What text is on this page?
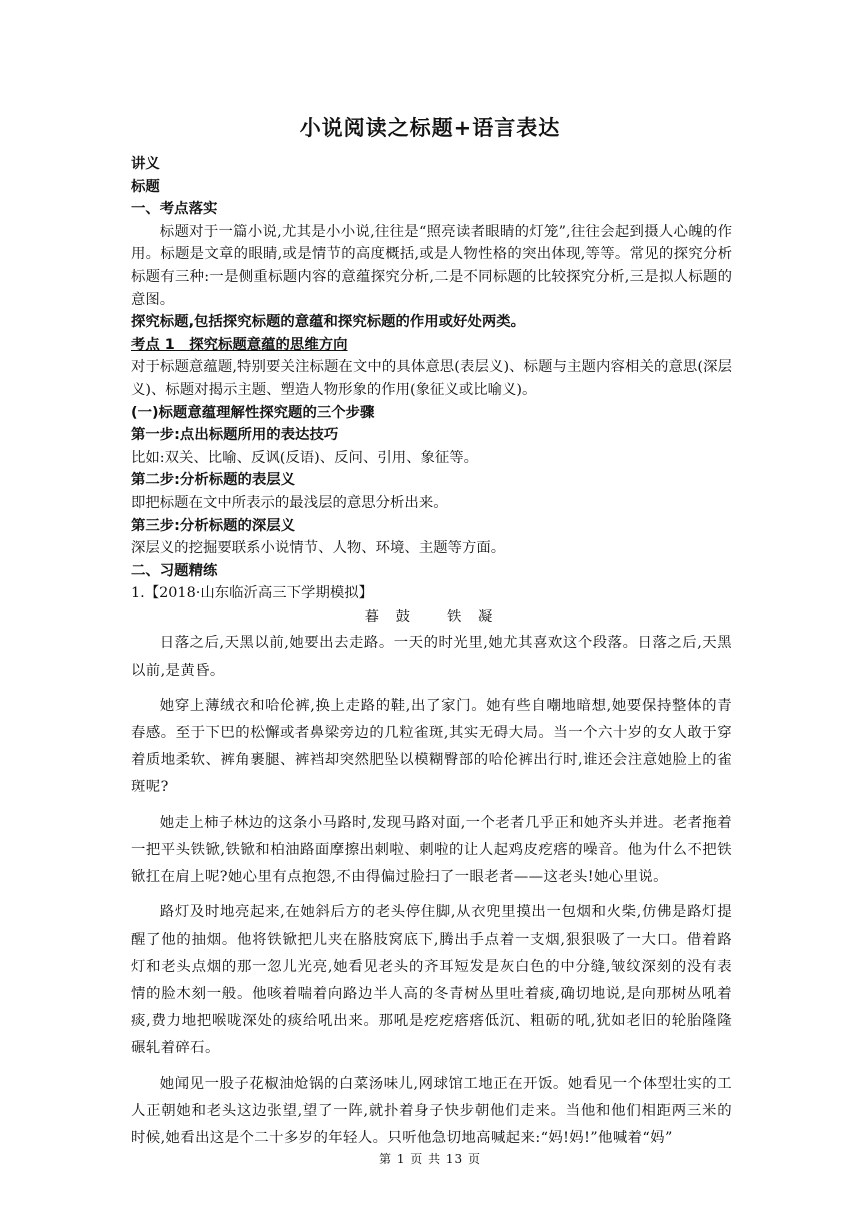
小说阅读之标题+语言表达

讲义

标题

一、考点落实

标题对于一篇小说,尤其是小小说,往往是“照亮读者眼睛的灯笼”,往往会起到摄人心魄的作用。标题是文章的眼睛,或是情节的高度概括,或是人物性格的突出体现,等等。常见的探究分析标题有三种:一是侧重标题内容的意蕴探究分析,二是不同标题的比较探究分析,三是拟人标题的意图。

探究标题,包括探究标题的意蕴和探究标题的作用或好处两类。

考点 1　探究标题意蕴的思维方向

对于标题意蕴题,特别要关注标题在文中的具体意思(表层义)、标题与主题内容相关的意思(深层义)、标题对揭示主题、塑造人物形象的作用(象征义或比喻义)。

(一)标题意蕴理解性探究题的三个步骤

第一步:点出标题所用的表达技巧

比如:双关、比喻、反讽(反语)、反问、引用、象征等。

第二步:分析标题的表层义

即把标题在文中所表示的最浅层的意思分析出来。

第三步:分析标题的深层义

深层义的挖掘要联系小说情节、人物、环境、主题等方面。

二、习题精练

1.【2018·山东临沂高三下学期模拟】

暮 鼓　 铁 凝

日落之后,天黑以前,她要出去走路。一天的时光里,她尤其喜欢这个段落。日落之后,天黑以前,是黄昏。

她穿上薄绒衣和哈伦裤,换上走路的鞋,出了家门。她有些自嘲地暗想,她要保持整体的青春感。至于下巴的松懈或者鼻梁旁边的几粒雀斑,其实无碍大局。当一个六十岁的女人敢于穿着质地柔软、裤角裹腿、裤裆却突然肥坠以模糊臀部的哈伦裤出行时,谁还会注意她脸上的雀斑呢?

她走上柿子林边的这条小马路时,发现马路对面,一个老者几乎正和她齐头并进。老者拖着一把平头铁锨,铁锨和柏油路面摩擦出刺啦、刺啦的让人起鸡皮疙瘩的噪音。他为什么不把铁锨扛在肩上呢?她心里有点抱怨,不由得偏过脸扫了一眼老者——这老头!她心里说。

路灯及时地亮起来,在她斜后方的老头停住脚,从衣兜里摸出一包烟和火柴,仿佛是路灯提醒了他的抽烟。他将铁锨把儿夹在胳肢窝底下,腾出手点着一支烟,狠狠吸了一大口。借着路灯和老头点烟的那一忽儿光亮,她看见老头的齐耳短发是灰白色的中分缝,皱纹深刻的没有表情的脸木刻一般。他咳着喘着向路边半人高的冬青树丛里吐着痰,确切地说,是向那树丛吼着痰,费力地把喉咙深处的痰给吼出来。那吼是疙疙瘩瘩低沉、粗砺的吼,犹如老旧的轮胎隆隆碾轧着碎石。

她闻见一股子花椒油炝锅的白菜汤味儿,网球馆工地正在开饭。她看见一个体型壮实的工人正朝她和老头这边张望,望了一阵,就扑着身子快步朝他们走来。当他和他们相距两三米的时候,她看出这是个二十多岁的年轻人。只听他急切地高喊起来:“妈!妈!”他喊着“妈”

第 1 页 共 13 页
